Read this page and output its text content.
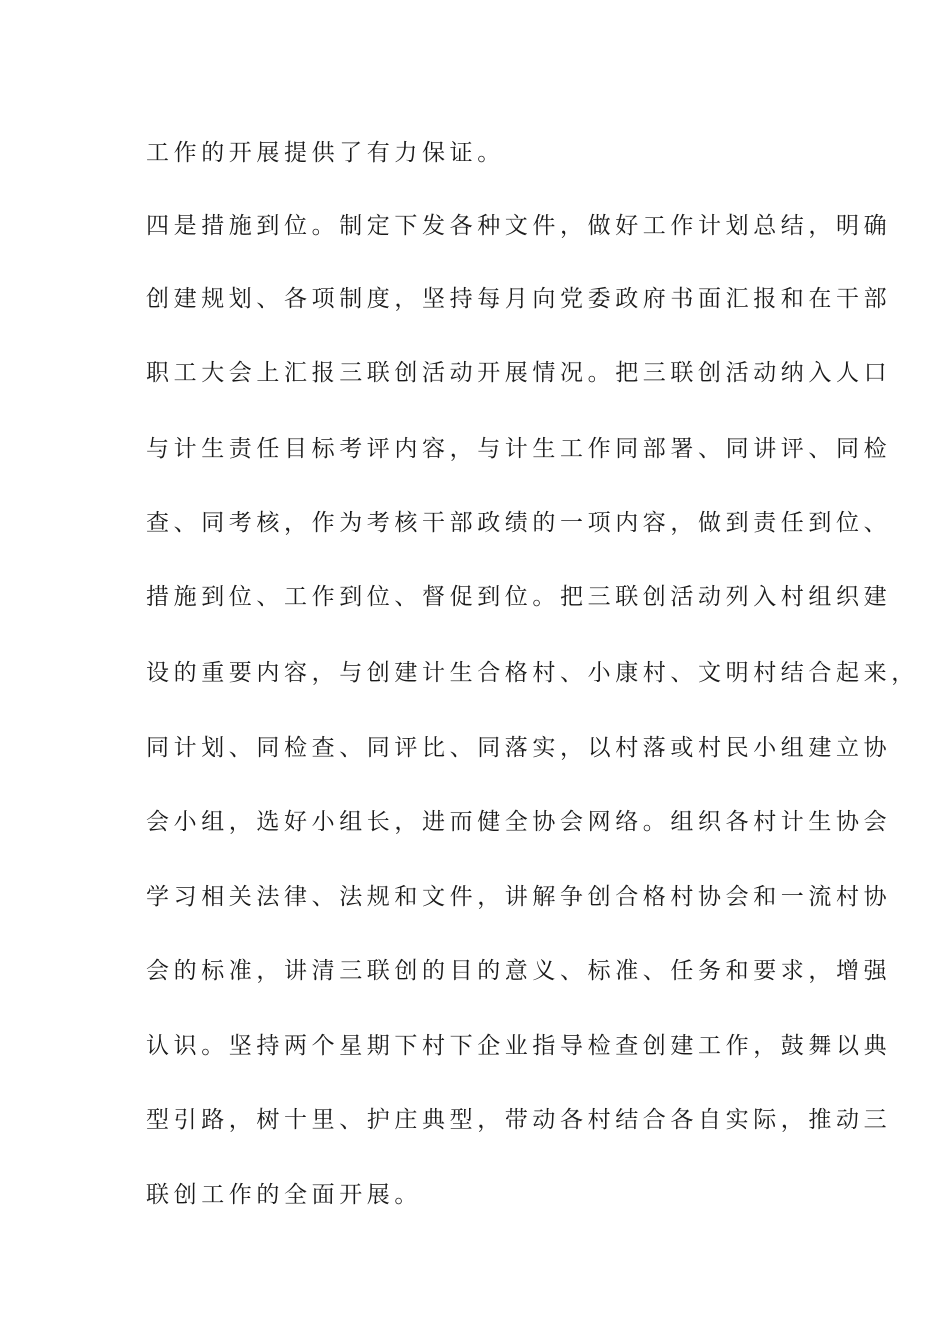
工作的开展提供了有力保证。
四是措施到位。制定下发各种文件，做好工作计划总结，明确
创建规划、各项制度，坚持每月向党委政府书面汇报和在干部
职工大会上汇报三联创活动开展情况。把三联创活动纳入人口
与计生责任目标考评内容，与计生工作同部署、同讲评、同检
查、同考核，作为考核干部政绩的一项内容，做到责任到位、
措施到位、工作到位、督促到位。把三联创活动列入村组织建
设的重要内容，与创建计生合格村、小康村、文明村结合起来，
同计划、同检查、同评比、同落实，以村落或村民小组建立协
会小组，选好小组长，进而健全协会网络。组织各村计生协会
学习相关法律、法规和文件，讲解争创合格村协会和一流村协
会的标准，讲清三联创的目的意义、标准、任务和要求，增强
认识。坚持两个星期下村下企业指导检查创建工作，鼓舞以典
型引路，树十里、护庄典型，带动各村结合各自实际，推动三
联创工作的全面开展。
